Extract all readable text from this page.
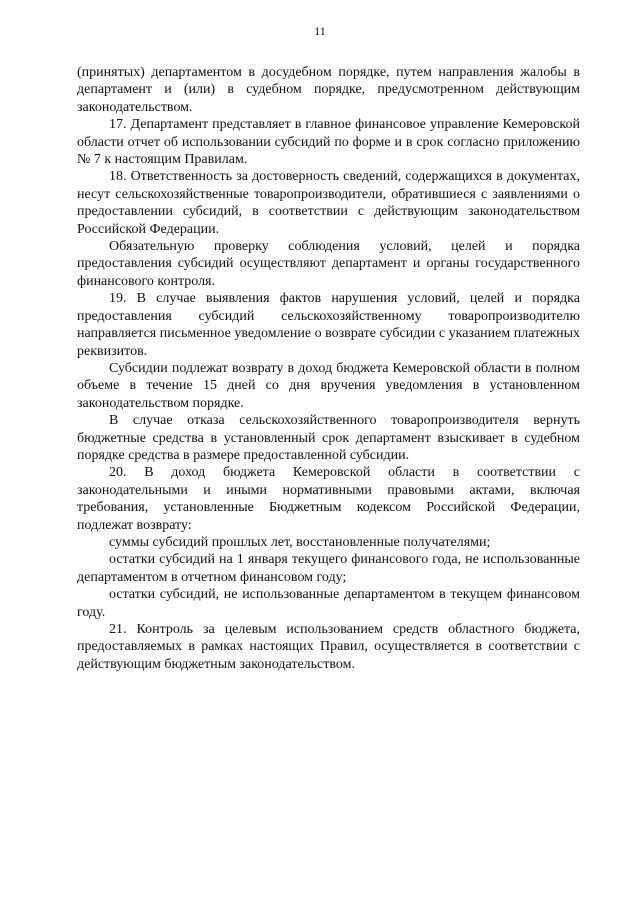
11

(принятых) департаментом в досудебном порядке, путем направления жалобы в департамент и (или) в судебном порядке, предусмотренном действующим законодательством.

17. Департамент представляет в главное финансовое управление Кемеровской области отчет об использовании субсидий по форме и в срок согласно приложению № 7 к настоящим Правилам.

18. Ответственность за достоверность сведений, содержащихся в документах, несут сельскохозяйственные товаропроизводители, обратившиеся с заявлениями о предоставлении субсидий, в соответствии с действующим законодательством Российской Федерации.

Обязательную проверку соблюдения условий, целей и порядка предоставления субсидий осуществляют департамент и органы государственного финансового контроля.

19. В случае выявления фактов нарушения условий, целей и порядка предоставления субсидий сельскохозяйственному товаропроизводителю направляется письменное уведомление о возврате субсидии с указанием платежных реквизитов.

Субсидии подлежат возврату в доход бюджета Кемеровской области в полном объеме в течение 15 дней со дня вручения уведомления в установленном законодательством порядке.

В случае отказа сельскохозяйственного товаропроизводителя вернуть бюджетные средства в установленный срок департамент взыскивает в судебном порядке средства в размере предоставленной субсидии.

20. В доход бюджета Кемеровской области в соответствии с законодательными и иными нормативными правовыми актами, включая требования, установленные Бюджетным кодексом Российской Федерации, подлежат возврату:

суммы субсидий прошлых лет, восстановленные получателями;

остатки субсидий на 1 января текущего финансового года, не использованные департаментом в отчетном финансовом году;

остатки субсидий, не использованные департаментом в текущем финансовом году.

21. Контроль за целевым использованием средств областного бюджета, предоставляемых в рамках настоящих Правил, осуществляется в соответствии с действующим бюджетным законодательством.
